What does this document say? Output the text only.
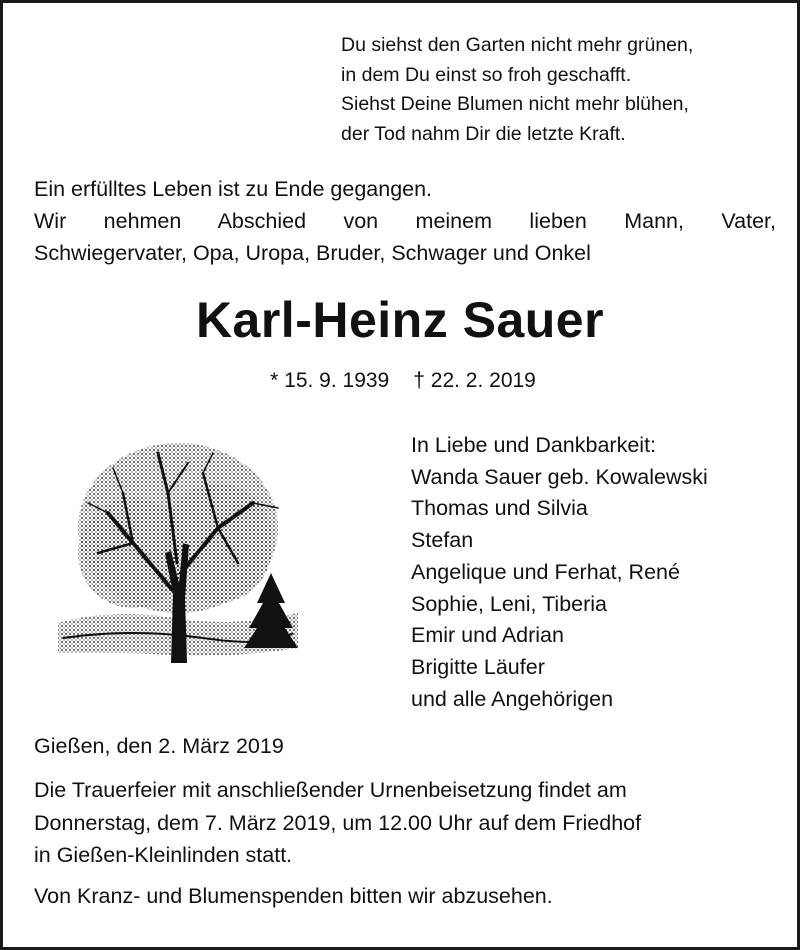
Du siehst den Garten nicht mehr grünen,
in dem Du einst so froh geschafft.
Siehst Deine Blumen nicht mehr blühen,
der Tod nahm Dir die letzte Kraft.
Ein erfülltes Leben ist zu Ende gegangen.
Wir nehmen Abschied von meinem lieben Mann, Vater,
Schwiegervater, Opa, Uropa, Bruder, Schwager und Onkel
Karl-Heinz Sauer
* 15. 9. 1939 † 22. 2. 2019
In Liebe und Dankbarkeit:
Wanda Sauer geb. Kowalewski
Thomas und Silvia
Stefan
Angelique und Ferhat, René
Sophie, Leni, Tiberia
Emir und Adrian
Brigitte Läufer
und alle Angehörigen
Gießen, den 2. März 2019
Die Trauerfeier mit anschließender Urnenbeisetzung findet am
Donnerstag, dem 7. März 2019, um 12.00 Uhr auf dem Friedhof
in Gießen-Kleinlinden statt.
Von Kranz- und Blumenspenden bitten wir abzusehen.
